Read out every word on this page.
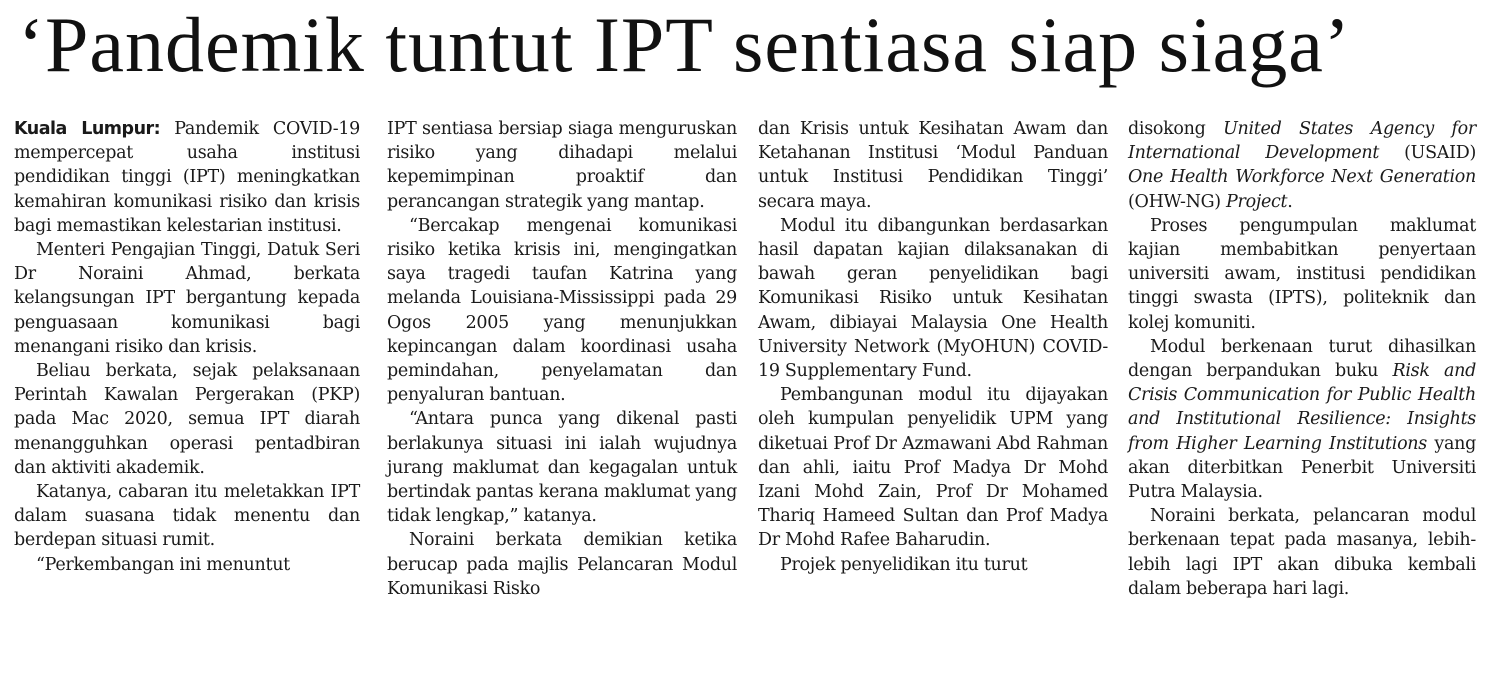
‘Pandemik tuntut IPT sentiasa siap siaga’

Kuala Lumpur: Pandemik COVID-19 mempercepat usaha institusi pendidikan tinggi (IPT) meningkatkan kemahiran komunikasi risiko dan krisis bagi memastikan kelestarian institusi.

Menteri Pengajian Tinggi, Datuk Seri Dr Noraini Ahmad, berkata kelangsungan IPT bergantung kepada penguasaan komunikasi bagi menangani risiko dan krisis.

Beliau berkata, sejak pelaksanaan Perintah Kawalan Pergerakan (PKP) pada Mac 2020, semua IPT diarah menangguhkan operasi pentadbiran dan aktiviti akademik.

Katanya, cabaran itu meletakkan IPT dalam suasana tidak menentu dan berdepan situasi rumit.

“Perkembangan ini menuntut

IPT sentiasa bersiap siaga menguruskan risiko yang dihadapi melalui kepemimpinan proaktif dan perancangan strategik yang mantap.

“Bercakap mengenai komunikasi risiko ketika krisis ini, mengingatkan saya tragedi taufan Katrina yang melanda Louisiana-Mississippi pada 29 Ogos 2005 yang menunjukkan kepincangan dalam koordinasi usaha pemindahan, penyelamatan dan penyaluran bantuan.

“Antara punca yang dikenal pasti berlakunya situasi ini ialah wujudnya jurang maklumat dan kegagalan untuk bertindak pantas kerana maklumat yang tidak lengkap,” katanya.

Noraini berkata demikian ketika berucap pada majlis Pelancaran Modul Komunikasi Risko

dan Krisis untuk Kesihatan Awam dan Ketahanan Institusi ‘Modul Panduan untuk Institusi Pendidikan Tinggi’ secara maya.

Modul itu dibangunkan berdasarkan hasil dapatan kajian dilaksanakan di bawah geran penyelidikan bagi Komunikasi Risiko untuk Kesihatan Awam, dibiayai Malaysia One Health University Network (MyOHUN) COVID-19 Supplementary Fund.

Pembangunan modul itu dijayakan oleh kumpulan penyelidik UPM yang diketuai Prof Dr Azmawani Abd Rahman dan ahli, iaitu Prof Madya Dr Mohd Izani Mohd Zain, Prof Dr Mohamed Thariq Hameed Sultan dan Prof Madya Dr Mohd Rafee Baharudin.

Projek penyelidikan itu turut

disokong United States Agency for International Development (USAID) One Health Workforce Next Generation (OHW-NG) Project.

Proses pengumpulan maklumat kajian membabitkan penyertaan universiti awam, institusi pendidikan tinggi swasta (IPTS), politeknik dan kolej komuniti.

Modul berkenaan turut dihasilkan dengan berpandukan buku Risk and Crisis Communication for Public Health and Institutional Resilience: Insights from Higher Learning Institutions yang akan diterbitkan Penerbit Universiti Putra Malaysia.

Noraini berkata, pelancaran modul berkenaan tepat pada masanya, lebih-lebih lagi IPT akan dibuka kembali dalam beberapa hari lagi.
